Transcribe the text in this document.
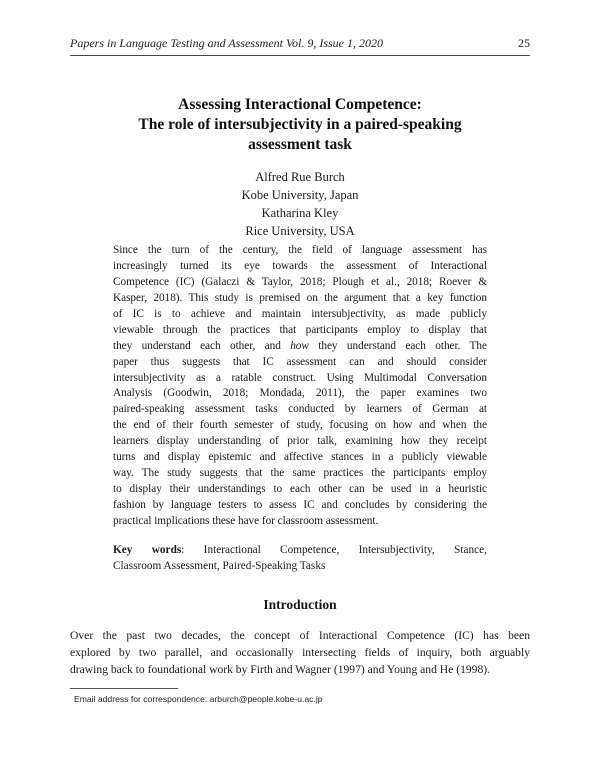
Papers in Language Testing and Assessment Vol. 9, Issue 1, 2020	25
Assessing Interactional Competence:
The role of intersubjectivity in a paired-speaking
assessment task
Alfred Rue Burch
Kobe University, Japan
Katharina Kley
Rice University, USA
Since the turn of the century, the field of language assessment has
increasingly turned its eye towards the assessment of Interactional
Competence (IC) (Galaczi & Taylor, 2018; Plough et al., 2018; Roever &
Kasper, 2018). This study is premised on the argument that a key function
of IC is to achieve and maintain intersubjectivity, as made publicly
viewable through the practices that participants employ to display that
they understand each other, and how they understand each other. The
paper thus suggests that IC assessment can and should consider
intersubjectivity as a ratable construct. Using Multimodal Conversation
Analysis (Goodwin, 2018; Mondada, 2011), the paper examines two
paired-speaking assessment tasks conducted by learners of German at
the end of their fourth semester of study, focusing on how and when the
learners display understanding of prior talk, examining how they receipt
turns and display epistemic and affective stances in a publicly viewable
way. The study suggests that the same practices the participants employ
to display their understandings to each other can be used in a heuristic
fashion by language testers to assess IC and concludes by considering the
practical implications these have for classroom assessment.
Key words: Interactional Competence, Intersubjectivity, Stance,
Classroom Assessment, Paired-Speaking Tasks
Introduction
Over the past two decades, the concept of Interactional Competence (IC) has been
explored by two parallel, and occasionally intersecting fields of inquiry, both arguably
drawing back to foundational work by Firth and Wagner (1997) and Young and He (1998).
Email address for correspondence: arburch@people.kobe-u.ac.jp
